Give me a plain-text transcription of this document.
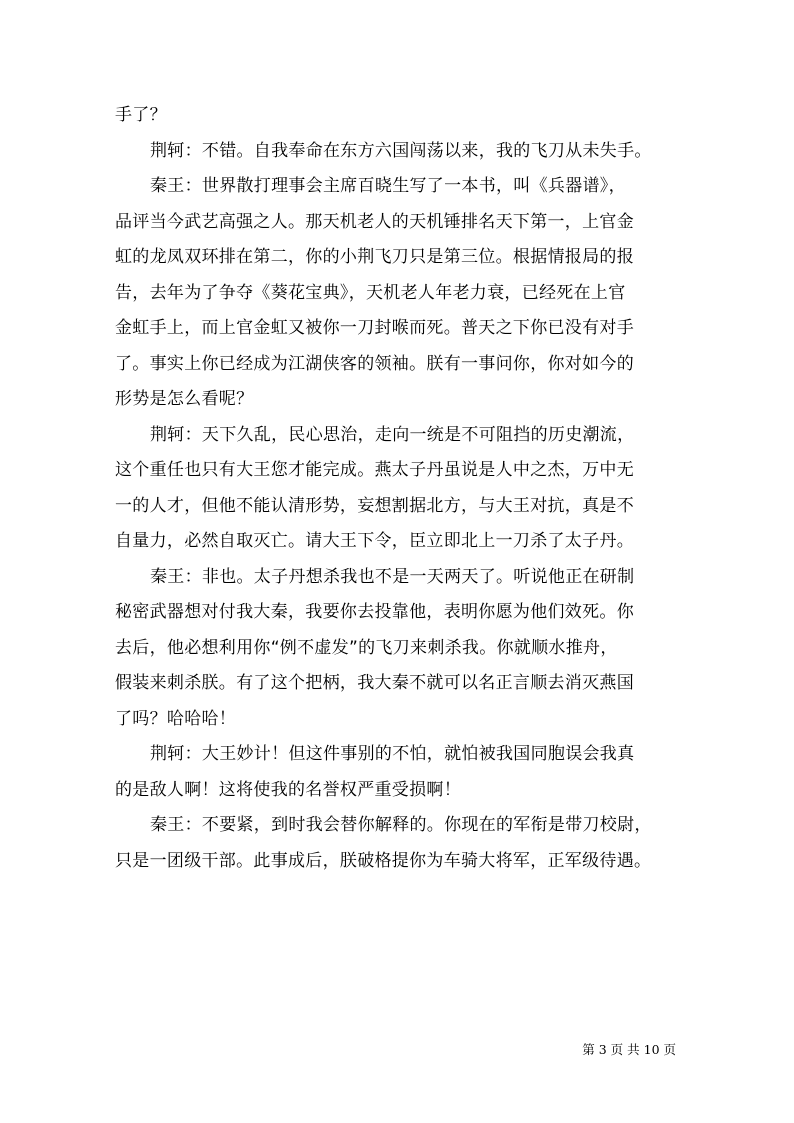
手了？
荆轲：不错。自我奉命在东方六国闯荡以来，我的飞刀从未失手。
秦王：世界散打理事会主席百晓生写了一本书，叫《兵器谱》，
品评当今武艺高强之人。那天机老人的天机锤排名天下第一，上官金
虹的龙凤双环排在第二，你的小荆飞刀只是第三位。根据情报局的报
告，去年为了争夺《葵花宝典》，天机老人年老力衰，已经死在上官
金虹手上，而上官金虹又被你一刀封喉而死。普天之下你已没有对手
了。事实上你已经成为江湖侠客的领袖。朕有一事问你，你对如今的
形势是怎么看呢？
荆轲：天下久乱，民心思治，走向一统是不可阻挡的历史潮流，
这个重任也只有大王您才能完成。燕太子丹虽说是人中之杰，万中无
一的人才，但他不能认清形势，妄想割据北方，与大王对抗，真是不
自量力，必然自取灭亡。请大王下令，臣立即北上一刀杀了太子丹。
秦王：非也。太子丹想杀我也不是一天两天了。听说他正在研制
秘密武器想对付我大秦，我要你去投靠他，表明你愿为他们效死。你
去后，他必想利用你“例不虚发”的飞刀来刺杀我。你就顺水推舟，
假装来刺杀朕。有了这个把柄，我大秦不就可以名正言顺去消灭燕国
了吗？哈哈哈！
荆轲：大王妙计！但这件事别的不怕，就怕被我国同胞误会我真
的是敌人啊！这将使我的名誉权严重受损啊！
秦王：不要紧，到时我会替你解释的。你现在的军衔是带刀校尉，
只是一团级干部。此事成后，朕破格提你为车骑大将军，正军级待遇。
第 3 页 共 10 页
